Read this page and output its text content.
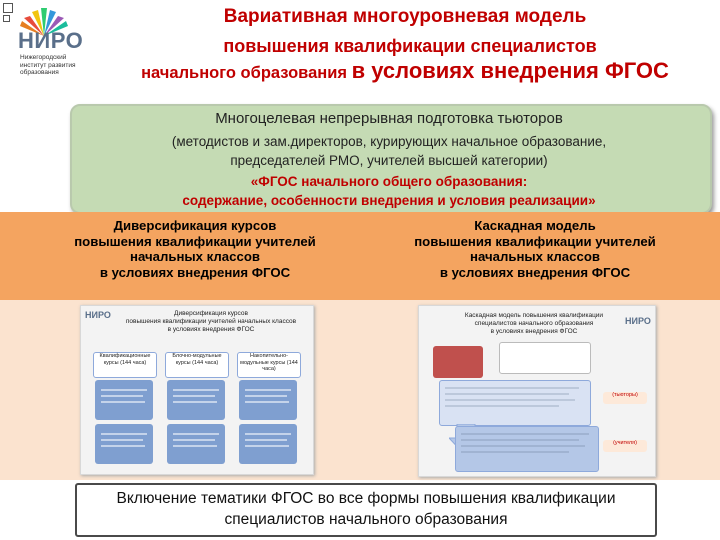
НИРО
Нижегородский институт развития образования
Вариативная многоуровневая модель
повышения квалификации специалистов
начального образования в условиях внедрения ФГОС
Многоцелевая непрерывная подготовка тьюторов
(методистов и зам.директоров, курирующих начальное образование,
председателей РМО, учителей высшей категории)
«ФГОС начального общего образования:
содержание, особенности внедрения и условия реализации»
Диверсификация курсов
повышения квалификации учителей
начальных классов
в условиях внедрения ФГОС
Каскадная модель
повышения квалификации учителей
начальных классов
в условиях внедрения ФГОС
НИРО	Диверсификация курсов
повышения квалификации учителей начальных классов
в условиях внедрения ФГОС
Квалификационные курсы (144 часа)
Блочно-модульные курсы (144 часа)
Накопительно-модульные курсы (144 часа)
Каскадная модель повышения квалификации
специалистов начального образования
в условиях внедрения ФГОС
НИРО
(тьюторы)
(учителя)
Включение тематики ФГОС во все формы повышения квалификации
специалистов начального образования
